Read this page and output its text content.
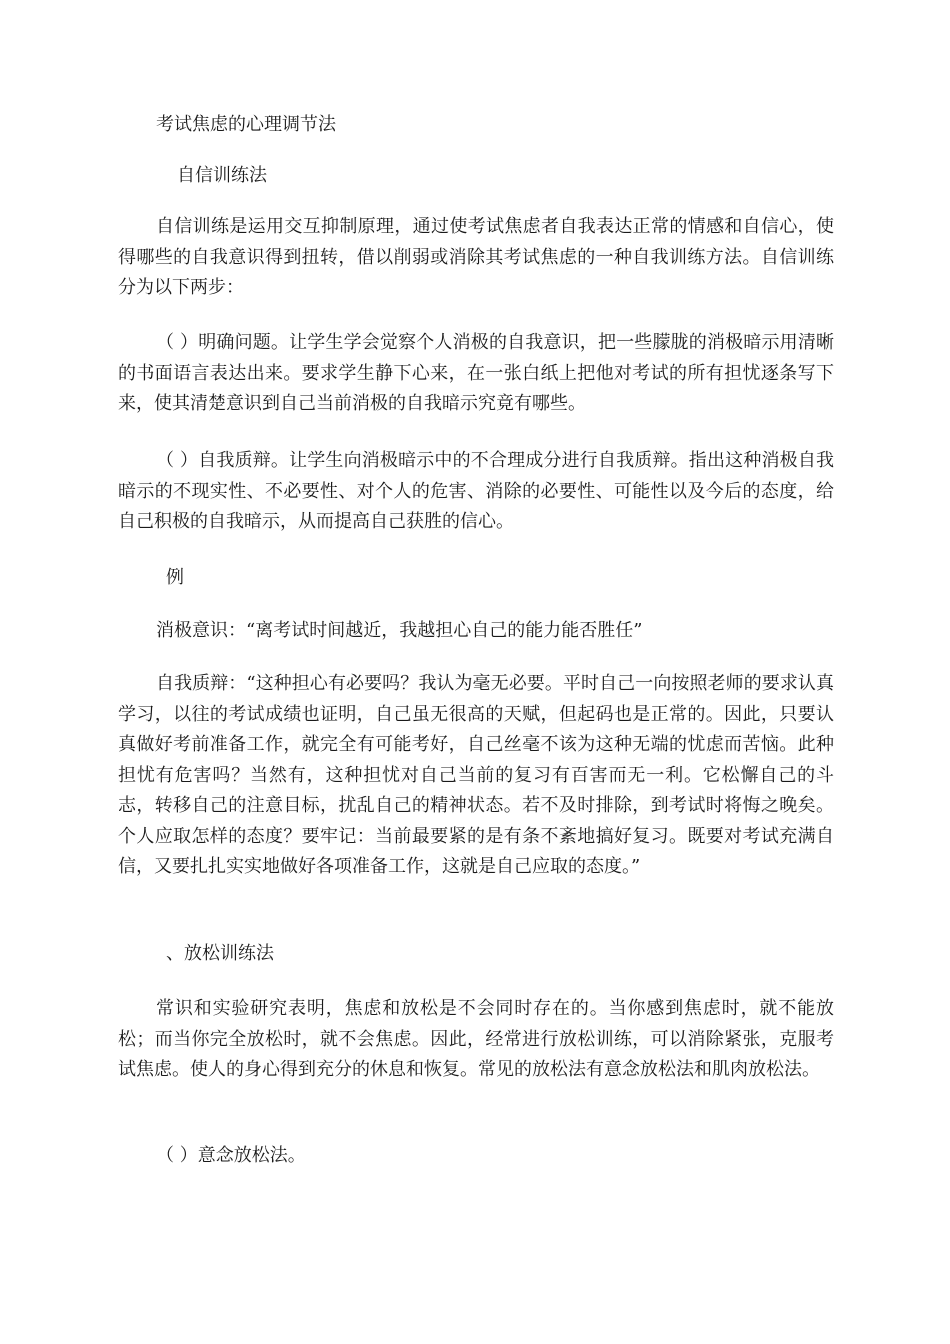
考试焦虑的心理调节法
自信训练法
自信训练是运用交互抑制原理，通过使考试焦虑者自我表达正常的情感和自信心，使得哪些的自我意识得到扭转，借以削弱或消除其考试焦虑的一种自我训练方法。自信训练分为以下两步：
（ ）明确问题。让学生学会觉察个人消极的自我意识，把一些朦胧的消极暗示用清晰的书面语言表达出来。要求学生静下心来，在一张白纸上把他对考试的所有担忧逐条写下来，使其清楚意识到自己当前消极的自我暗示究竟有哪些。
（ ）自我质辩。让学生向消极暗示中的不合理成分进行自我质辩。指出这种消极自我暗示的不现实性、不必要性、对个人的危害、消除的必要性、可能性以及今后的态度，给自己积极的自我暗示，从而提高自己获胜的信心。
例
消极意识：“离考试时间越近，我越担心自己的能力能否胜任”
自我质辩：“这种担心有必要吗？我认为毫无必要。平时自己一向按照老师的要求认真学习，以往的考试成绩也证明，自己虽无很高的天赋，但起码也是正常的。因此，只要认真做好考前准备工作，就完全有可能考好，自己丝毫不该为这种无端的忧虑而苦恼。此种担忧有危害吗？当然有，这种担忧对自己当前的复习有百害而无一利。它松懈自己的斗志，转移自己的注意目标，扰乱自己的精神状态。若不及时排除，到考试时将悔之晚矣。个人应取怎样的态度？要牢记：当前最要紧的是有条不紊地搞好复习。既要对考试充满自信，又要扎扎实实地做好各项准备工作，这就是自己应取的态度。”
、放松训练法
常识和实验研究表明，焦虑和放松是不会同时存在的。当你感到焦虑时，就不能放松；而当你完全放松时，就不会焦虑。因此，经常进行放松训练，可以消除紧张，克服考试焦虑。使人的身心得到充分的休息和恢复。常见的放松法有意念放松法和肌肉放松法。
（ ）意念放松法。
